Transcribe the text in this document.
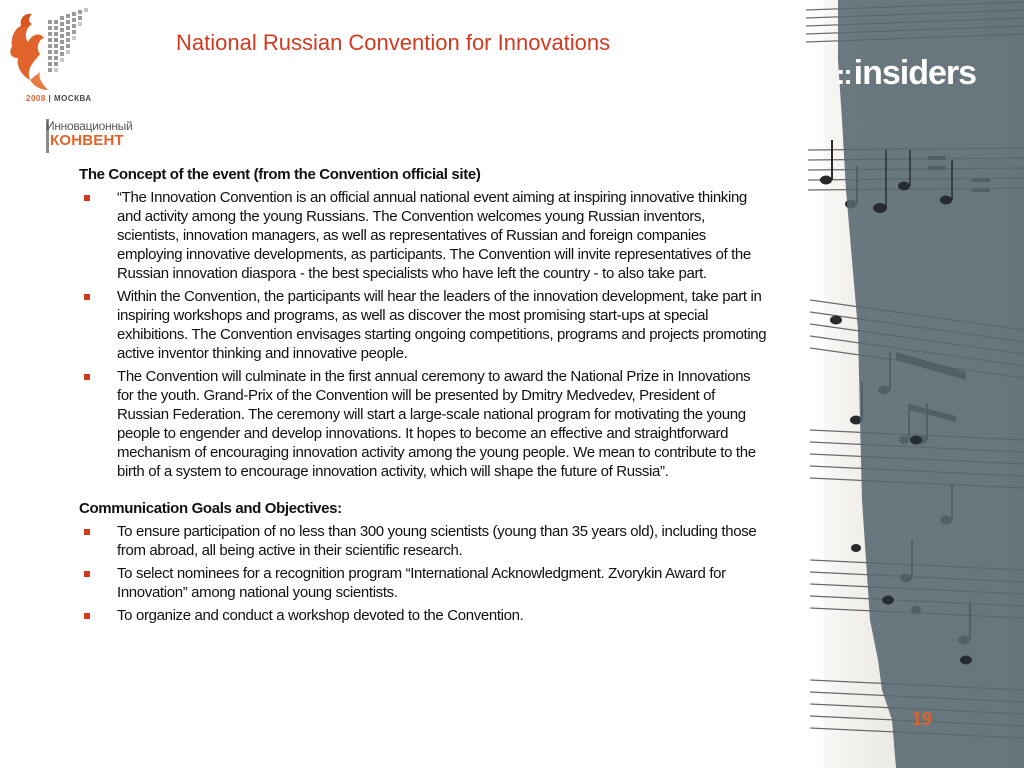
2008 | МОСКВА
Инновационный
КОНВЕНТ
National Russian Convention for Innovations
::insiders
19
The Concept of the event (from the Convention official site)
“The Innovation Convention is an official annual national event aiming at inspiring innovative thinking and activity among the young Russians. The Convention welcomes young Russian inventors, scientists, innovation managers, as well as representatives of Russian and foreign companies employing innovative developments, as participants. The Convention will invite representatives of the Russian innovation diaspora - the best specialists who have left the country - to also take part.
Within the Convention, the participants will hear the leaders of the innovation development, take part in inspiring workshops and programs, as well as discover the most promising start-ups at special exhibitions. The Convention envisages starting ongoing competitions, programs and projects promoting active inventor thinking and innovative people.
The Convention will culminate in the first annual ceremony to award the National Prize in Innovations for the youth. Grand-Prix of the Convention will be presented by Dmitry Medvedev, President of Russian Federation. The ceremony will start a large-scale national program for motivating the young people to engender and develop innovations. It hopes to become an effective and straightforward mechanism of encouraging innovation activity among the young people. We mean to contribute to the birth of a system to encourage innovation activity, which will shape the future of Russia”.
Communication Goals and Objectives:
To ensure participation of no less than 300 young scientists (young than 35 years old), including those from abroad, all being active in their scientific research.
To select nominees for a recognition program “International Acknowledgment. Zvorykin Award for Innovation” among national young scientists.
To organize and conduct a workshop devoted to the Convention.
